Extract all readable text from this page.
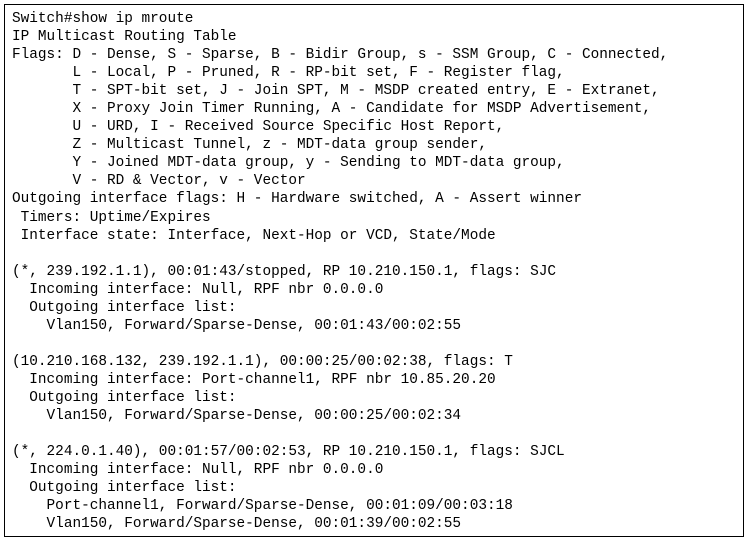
Switch#show ip mroute
IP Multicast Routing Table
Flags: D - Dense, S - Sparse, B - Bidir Group, s - SSM Group, C - Connected,
L - Local, P - Pruned, R - RP-bit set, F - Register flag,
T - SPT-bit set, J - Join SPT, M - MSDP created entry, E - Extranet,
X - Proxy Join Timer Running, A - Candidate for MSDP Advertisement,
U - URD, I - Received Source Specific Host Report,
Z - Multicast Tunnel, z - MDT-data group sender,
Y - Joined MDT-data group, y - Sending to MDT-data group,
V - RD & Vector, v - Vector
Outgoing interface flags: H - Hardware switched, A - Assert winner
Timers: Uptime/Expires
Interface state: Interface, Next-Hop or VCD, State/Mode
(*, 239.192.1.1), 00:01:43/stopped, RP 10.210.150.1, flags: SJC
Incoming interface: Null, RPF nbr 0.0.0.0
Outgoing interface list:
Vlan150, Forward/Sparse-Dense, 00:01:43/00:02:55
(10.210.168.132, 239.192.1.1), 00:00:25/00:02:38, flags: T
Incoming interface: Port-channel1, RPF nbr 10.85.20.20
Outgoing interface list:
Vlan150, Forward/Sparse-Dense, 00:00:25/00:02:34
(*, 224.0.1.40), 00:01:57/00:02:53, RP 10.210.150.1, flags: SJCL
Incoming interface: Null, RPF nbr 0.0.0.0
Outgoing interface list:
Port-channel1, Forward/Sparse-Dense, 00:01:09/00:03:18
Vlan150, Forward/Sparse-Dense, 00:01:39/00:02:55
